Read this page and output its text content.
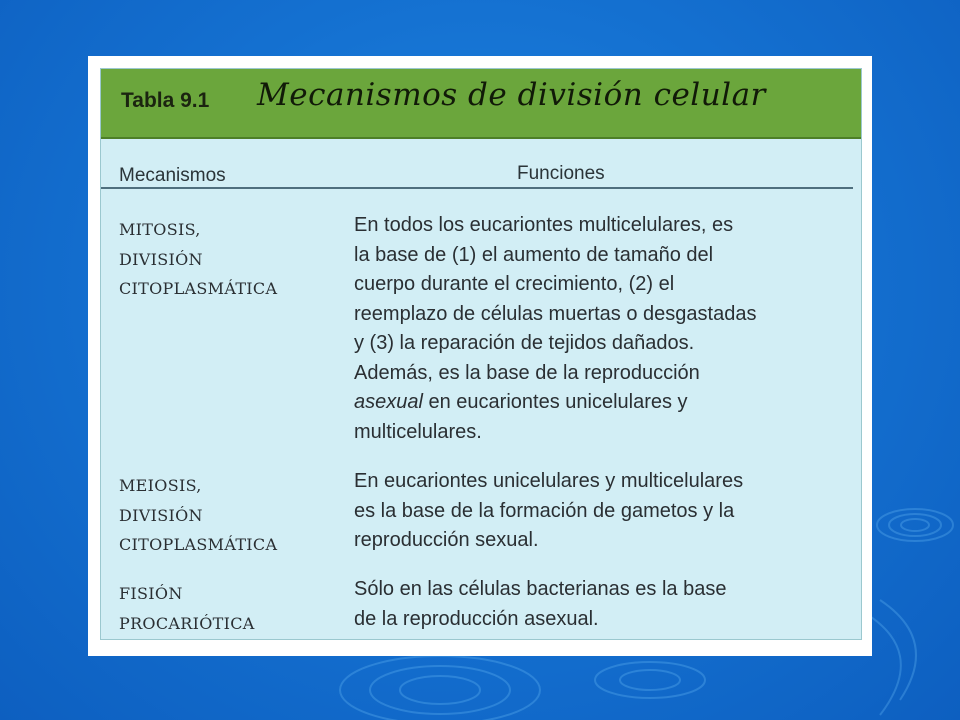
Tabla 9.1 Mecanismos de división celular
Mecanismos	Funciones
MITOSIS,
DIVISIÓN
CITOPLASMÁTICA
En todos los eucariontes multicelulares, es
la base de (1) el aumento de tamaño del
cuerpo durante el crecimiento, (2) el
reemplazo de células muertas o desgastadas
y (3) la reparación de tejidos dañados.
Además, es la base de la reproducción
asexual en eucariontes unicelulares y
multicelulares.
MEIOSIS,
DIVISIÓN
CITOPLASMÁTICA
En eucariontes unicelulares y multicelulares
es la base de la formación de gametos y la
reproducción sexual.
FISIÓN
PROCARIÓTICA
Sólo en las células bacterianas es la base
de la reproducción asexual.
